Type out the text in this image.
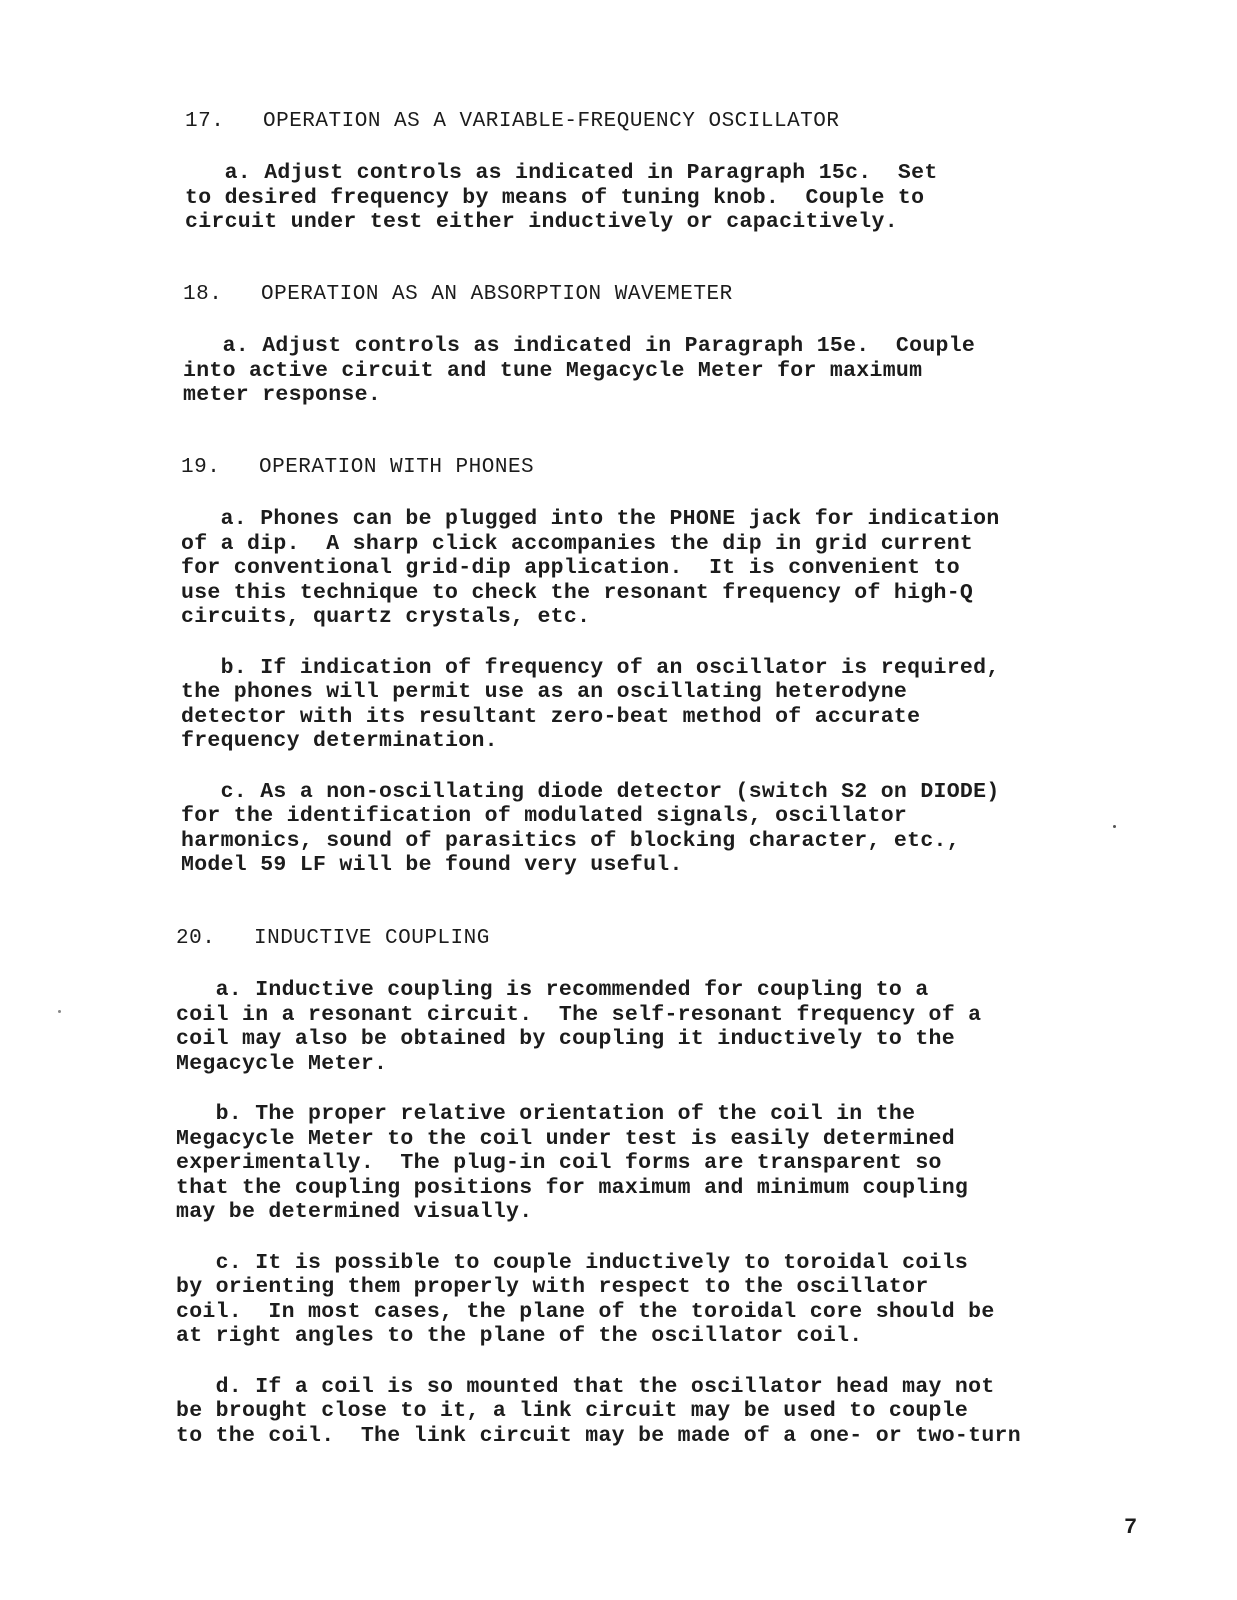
17. OPERATION AS A VARIABLE-FREQUENCY OSCILLATOR

a. Adjust controls as indicated in Paragraph 15c.  Set
to desired frequency by means of tuning knob.  Couple to
circuit under test either inductively or capacitively.

18. OPERATION AS AN ABSORPTION WAVEMETER

a. Adjust controls as indicated in Paragraph 15e.  Couple
into active circuit and tune Megacycle Meter for maximum
meter response.

19. OPERATION WITH PHONES

a. Phones can be plugged into the PHONE jack for indication
of a dip.  A sharp click accompanies the dip in grid current
for conventional grid-dip application.  It is convenient to
use this technique to check the resonant frequency of high-Q
circuits, quartz crystals, etc.

b. If indication of frequency of an oscillator is required,
the phones will permit use as an oscillating heterodyne
detector with its resultant zero-beat method of accurate
frequency determination.

c. As a non-oscillating diode detector (switch S2 on DIODE)
for the identification of modulated signals, oscillator
harmonics, sound of parasitics of blocking character, etc.,
Model 59 LF will be found very useful.

20. INDUCTIVE COUPLING

a. Inductive coupling is recommended for coupling to a
coil in a resonant circuit.  The self-resonant frequency of a
coil may also be obtained by coupling it inductively to the
Megacycle Meter.

b. The proper relative orientation of the coil in the
Megacycle Meter to the coil under test is easily determined
experimentally.  The plug-in coil forms are transparent so
that the coupling positions for maximum and minimum coupling
may be determined visually.

c. It is possible to couple inductively to toroidal coils
by orienting them properly with respect to the oscillator
coil.  In most cases, the plane of the toroidal core should be
at right angles to the plane of the oscillator coil.

d. If a coil is so mounted that the oscillator head may not
be brought close to it, a link circuit may be used to couple
to the coil.  The link circuit may be made of a one- or two-turn

7
